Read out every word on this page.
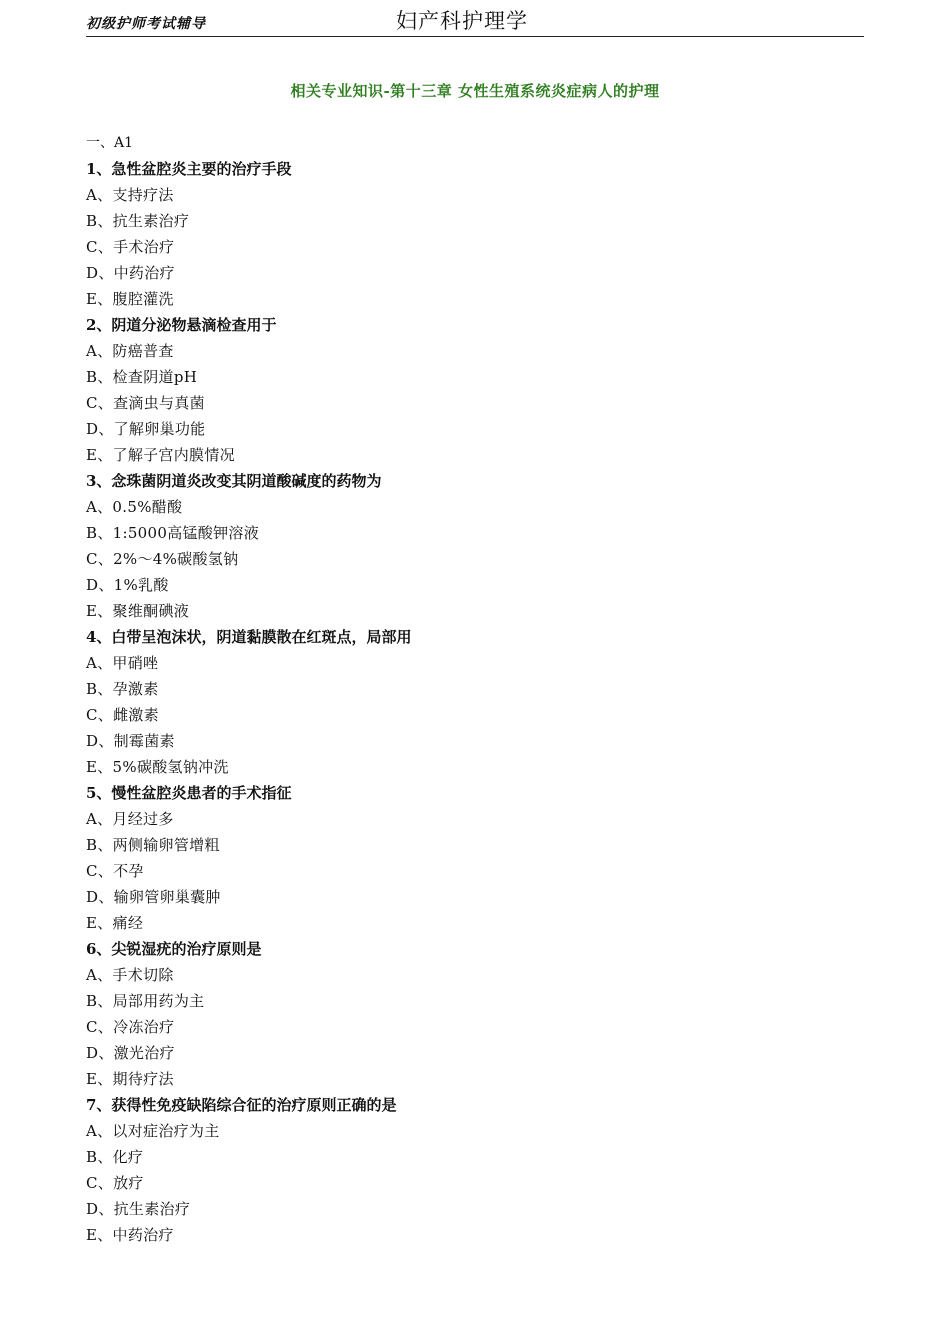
初级护师考试辅导	妇产科护理学
相关专业知识-第十三章 女性生殖系统炎症病人的护理
一、A1
1、急性盆腔炎主要的治疗手段
A、支持疗法
B、抗生素治疗
C、手术治疗
D、中药治疗
E、腹腔灌洗
2、阴道分泌物悬滴检查用于
A、防癌普查
B、检查阴道pH
C、查滴虫与真菌
D、了解卵巢功能
E、了解子宫内膜情况
3、念珠菌阴道炎改变其阴道酸碱度的药物为
A、0.5%醋酸
B、1:5000高锰酸钾溶液
C、2%～4%碳酸氢钠
D、1%乳酸
E、聚维酮碘液
4、白带呈泡沫状，阴道黏膜散在红斑点，局部用
A、甲硝唑
B、孕激素
C、雌激素
D、制霉菌素
E、5%碳酸氢钠冲洗
5、慢性盆腔炎患者的手术指征
A、月经过多
B、两侧输卵管增粗
C、不孕
D、输卵管卵巢囊肿
E、痛经
6、尖锐湿疣的治疗原则是
A、手术切除
B、局部用药为主
C、冷冻治疗
D、激光治疗
E、期待疗法
7、获得性免疫缺陷综合征的治疗原则正确的是
A、以对症治疗为主
B、化疗
C、放疗
D、抗生素治疗
E、中药治疗
